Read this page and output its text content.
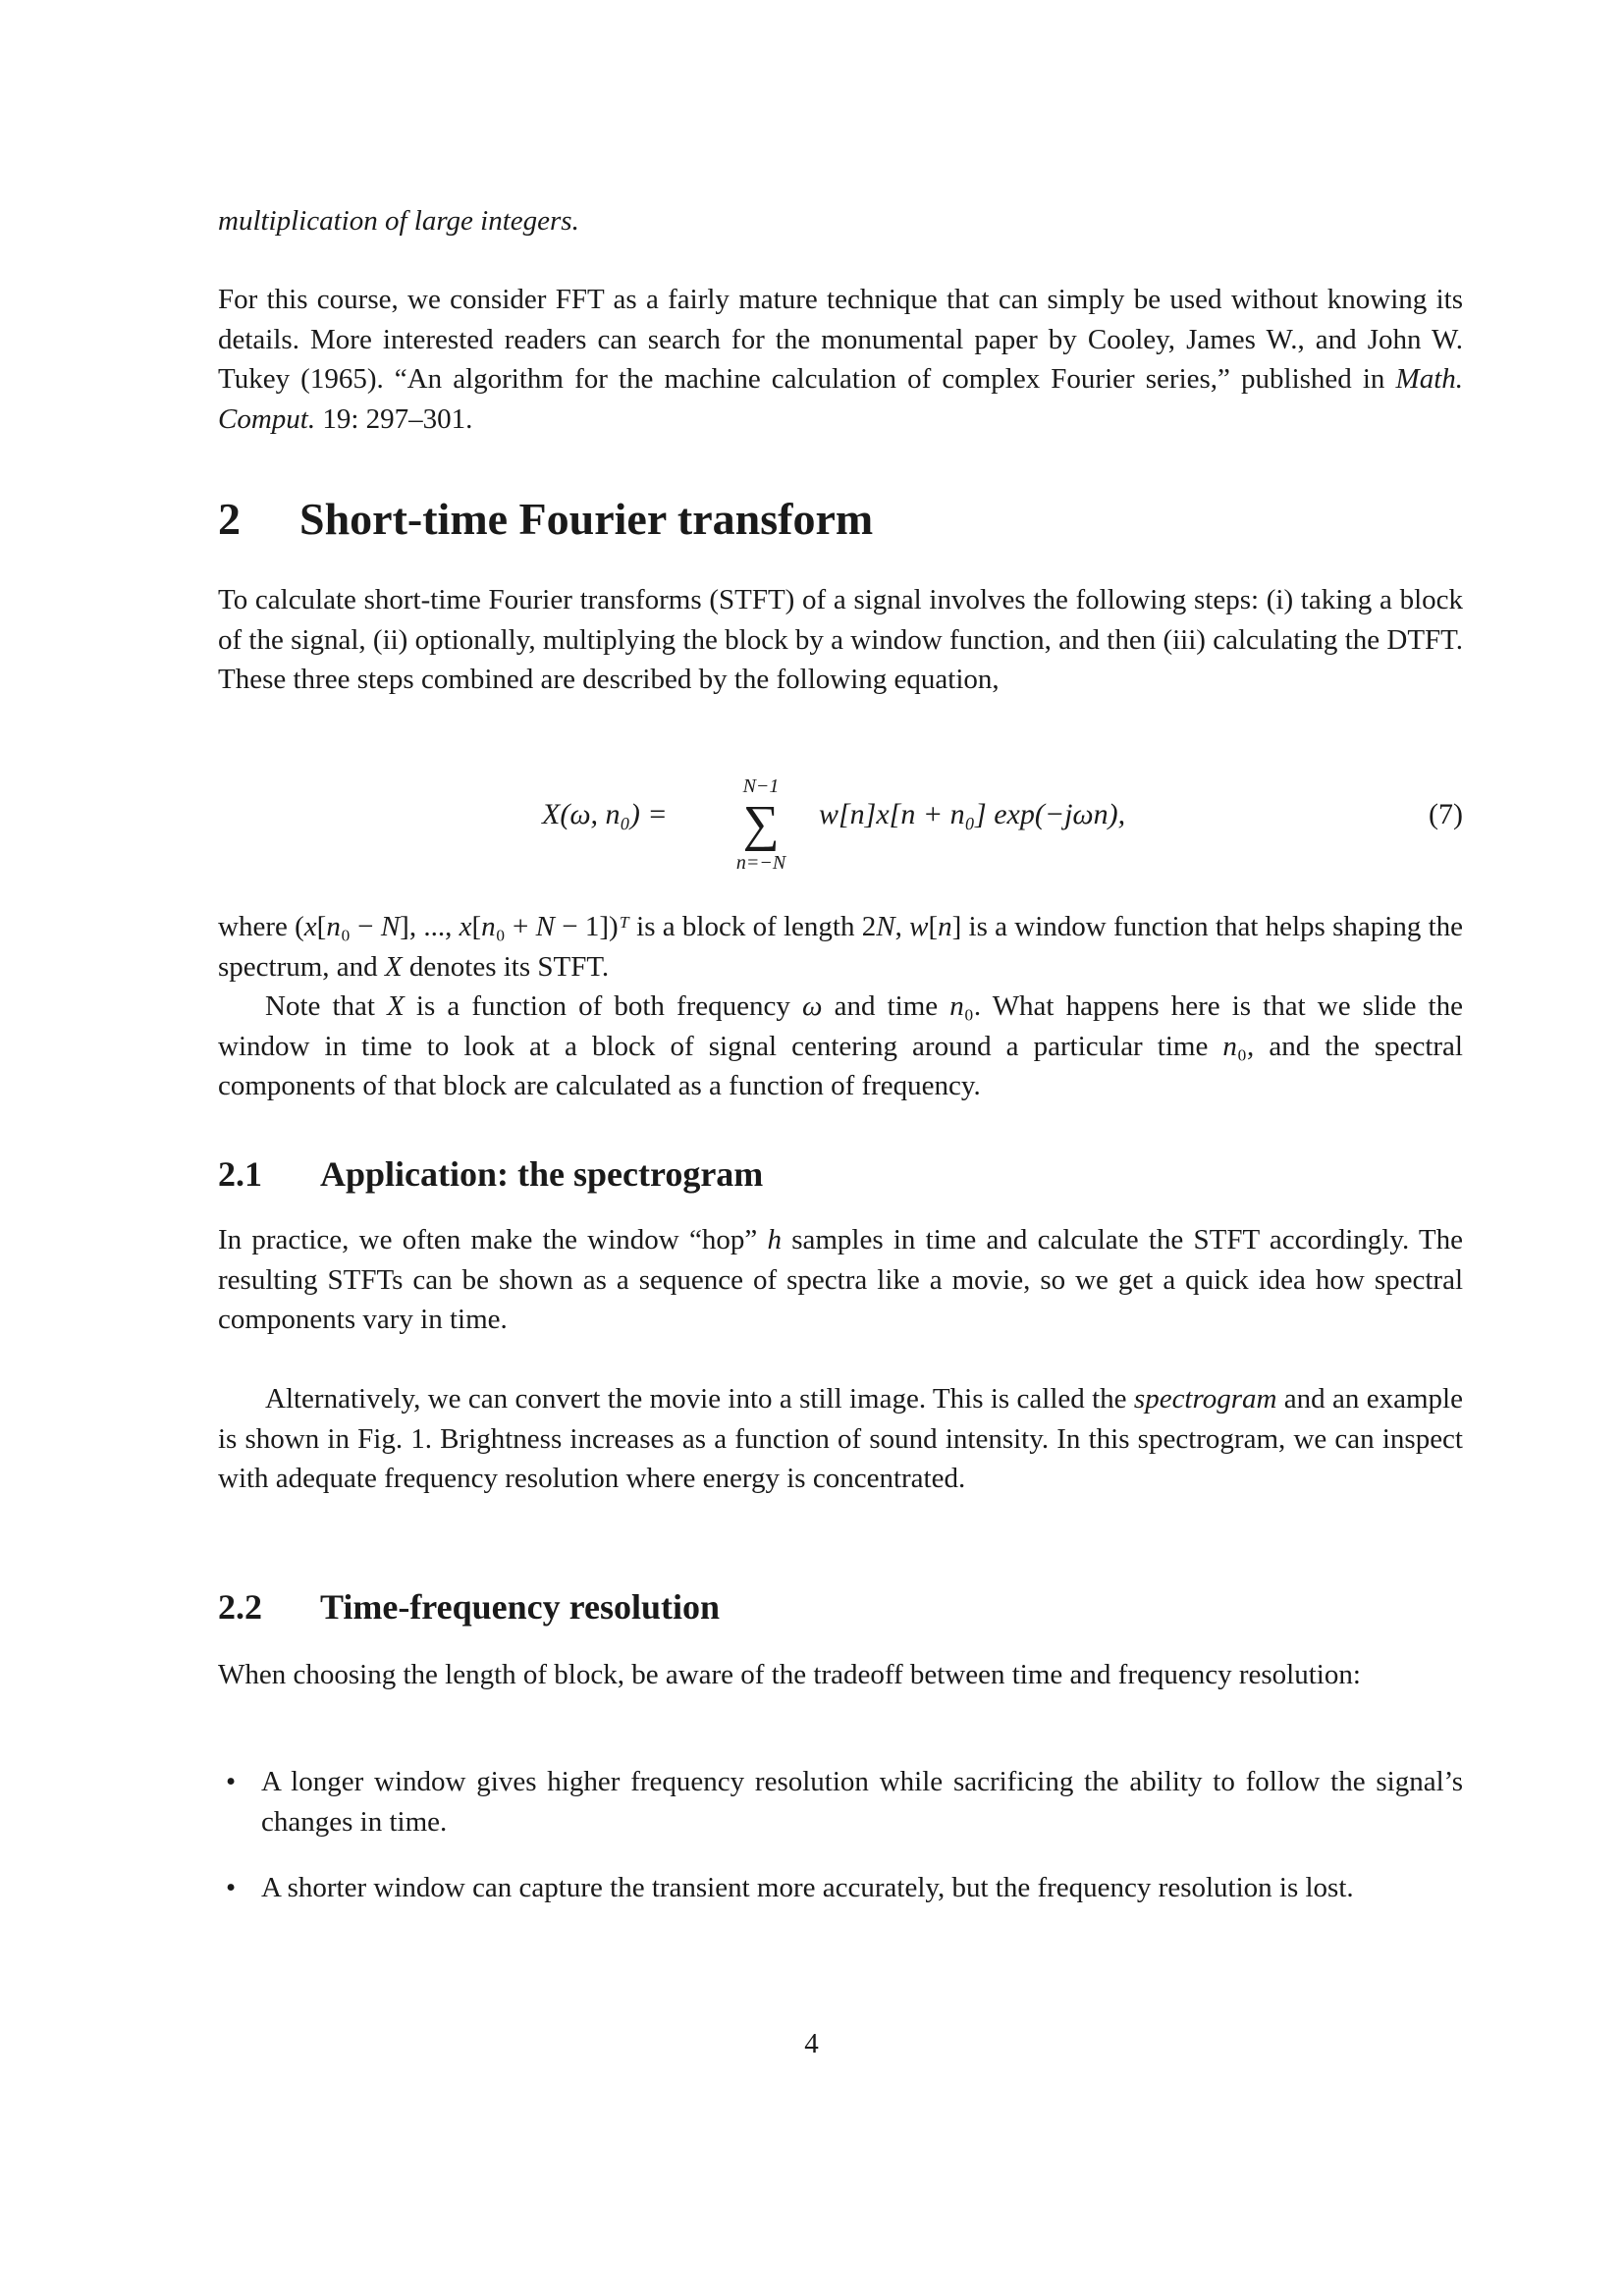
multiplication of large integers.
For this course, we consider FFT as a fairly mature technique that can simply be used without knowing its details. More interested readers can search for the monumental paper by Cooley, James W., and John W. Tukey (1965). “An algorithm for the machine calculation of complex Fourier series,” published in Math. Comput. 19: 297–301.
2 Short-time Fourier transform
To calculate short-time Fourier transforms (STFT) of a signal involves the following steps: (i) taking a block of the signal, (ii) optionally, multiplying the block by a window function, and then (iii) calculating the DTFT. These three steps combined are described by the following equation,
X(ω, n₀) =
N−1
∑
n=−N
w[n]x[n + n₀] exp(−jωn),	(7)
where (x[n₀ − N], ..., x[n₀ + N − 1])ᵀ is a block of length 2N, w[n] is a window function that helps shaping the spectrum, and X denotes its STFT.
Note that X is a function of both frequency ω and time n₀. What happens here is that we slide the window in time to look at a block of signal centering around a particular time n₀, and the spectral components of that block are calculated as a function of frequency.
2.1 Application: the spectrogram
In practice, we often make the window “hop” h samples in time and calculate the STFT accordingly. The resulting STFTs can be shown as a sequence of spectra like a movie, so we get a quick idea how spectral components vary in time.
Alternatively, we can convert the movie into a still image. This is called the spectrogram and an example is shown in Fig. 1. Brightness increases as a function of sound intensity. In this spectrogram, we can inspect with adequate frequency resolution where energy is concentrated.
2.2 Time-frequency resolution
When choosing the length of block, be aware of the tradeoff between time and frequency resolution:
• A longer window gives higher frequency resolution while sacrificing the ability to follow the signal’s changes in time.
• A shorter window can capture the transient more accurately, but the frequency resolution is lost.
4
